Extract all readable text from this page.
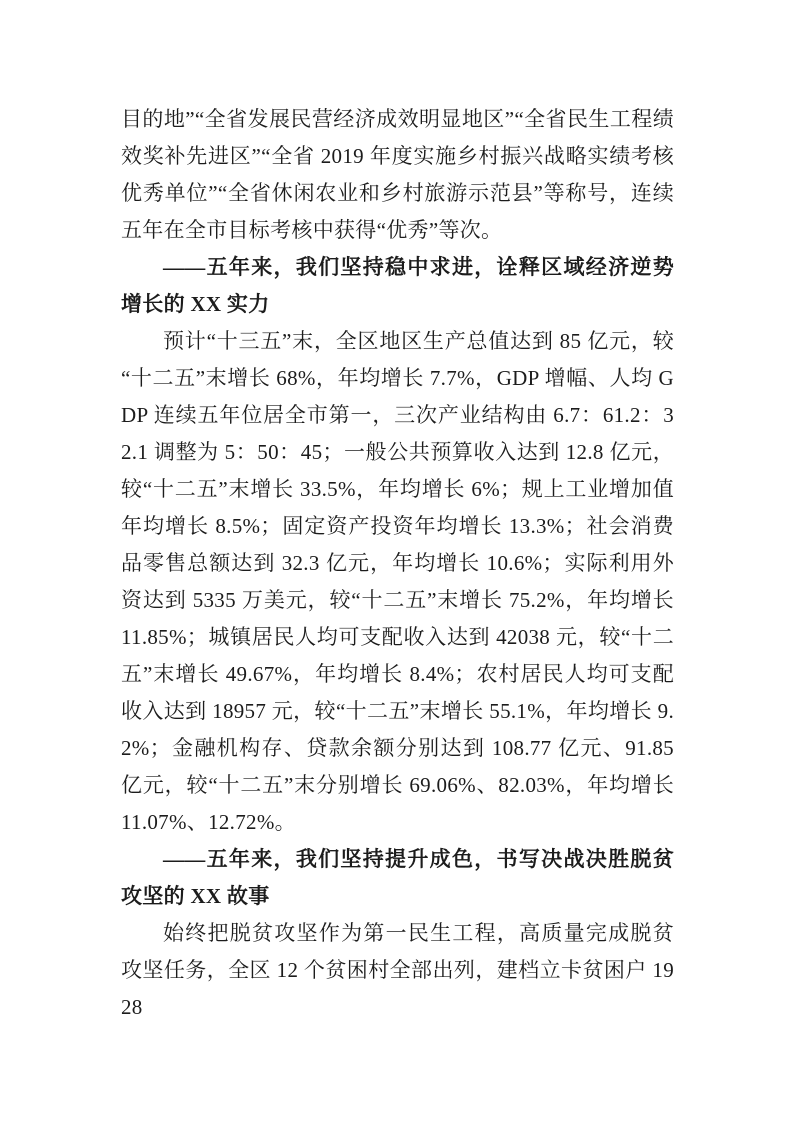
目的地”“全省发展民营经济成效明显地区”“全省民生工程绩效奖补先进区”“全省 2019 年度实施乡村振兴战略实绩考核优秀单位”“全省休闲农业和乡村旅游示范县”等称号，连续五年在全市目标考核中获得“优秀”等次。

——五年来，我们坚持稳中求进，诠释区域经济逆势增长的 XX 实力

预计“十三五”末，全区地区生产总值达到 85 亿元，较“十二五”末增长 68%，年均增长 7.7%，GDP 增幅、人均 GDP 连续五年位居全市第一，三次产业结构由 6.7：61.2：32.1 调整为 5：50：45；一般公共预算收入达到 12.8 亿元，较“十二五”末增长 33.5%，年均增长 6%；规上工业增加值年均增长 8.5%；固定资产投资年均增长 13.3%；社会消费品零售总额达到 32.3 亿元，年均增长 10.6%；实际利用外资达到 5335 万美元，较“十二五”末增长 75.2%，年均增长 11.85%；城镇居民人均可支配收入达到 42038 元，较“十二五”末增长 49.67%，年均增长 8.4%；农村居民人均可支配收入达到 18957 元，较“十二五”末增长 55.1%，年均增长 9.2%；金融机构存、贷款余额分别达到 108.77 亿元、91.85 亿元，较“十二五”末分别增长 69.06%、82.03%，年均增长 11.07%、12.72%。

——五年来，我们坚持提升成色，书写决战决胜脱贫攻坚的 XX 故事

始终把脱贫攻坚作为第一民生工程，高质量完成脱贫攻坚任务，全区 12 个贫困村全部出列，建档立卡贫困户 1928
